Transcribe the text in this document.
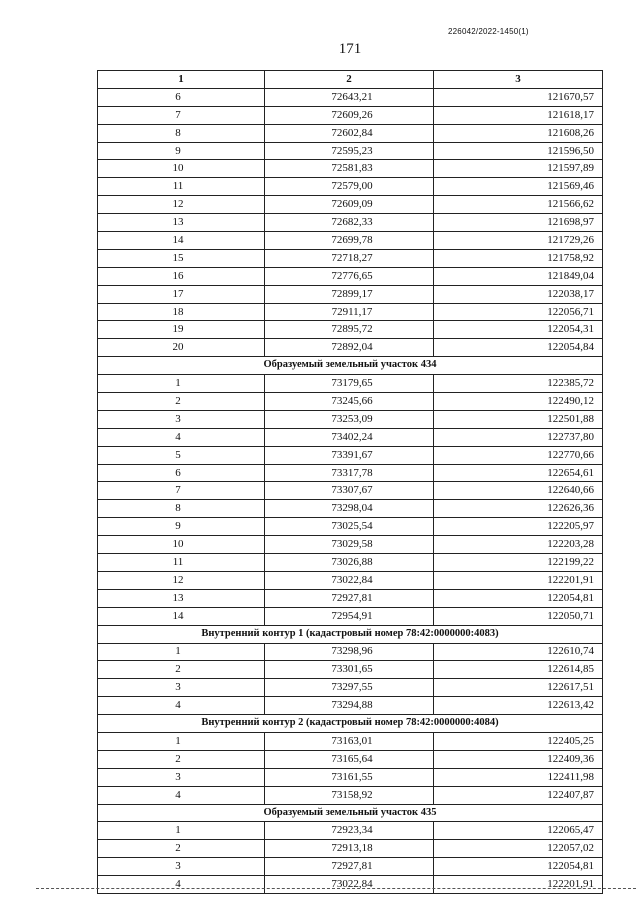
226042/2022-1450(1)
171
1	2	3
6	72643,21	121670,57
7	72609,26	121618,17
8	72602,84	121608,26
9	72595,23	121596,50
10	72581,83	121597,89
11	72579,00	121569,46
12	72609,09	121566,62
13	72682,33	121698,97
14	72699,78	121729,26
15	72718,27	121758,92
16	72776,65	121849,04
17	72899,17	122038,17
18	72911,17	122056,71
19	72895,72	122054,31
20	72892,04	122054,84
Образуемый земельный участок 434		
1	73179,65	122385,72
2	73245,66	122490,12
3	73253,09	122501,88
4	73402,24	122737,80
5	73391,67	122770,66
6	73317,78	122654,61
7	73307,67	122640,66
8	73298,04	122626,36
9	73025,54	122205,97
10	73029,58	122203,28
11	73026,88	122199,22
12	73022,84	122201,91
13	72927,81	122054,81
14	72954,91	122050,71
Внутренний контур 1 (кадастровый номер 78:42:0000000:4083)		
1	73298,96	122610,74
2	73301,65	122614,85
3	73297,55	122617,51
4	73294,88	122613,42
Внутренний контур 2 (кадастровый номер 78:42:0000000:4084)		
1	73163,01	122405,25
2	73165,64	122409,36
3	73161,55	122411,98
4	73158,92	122407,87
Образуемый земельный участок 435		
1	72923,34	122065,47
2	72913,18	122057,02
3	72927,81	122054,81
4	73022,84	122201,91
